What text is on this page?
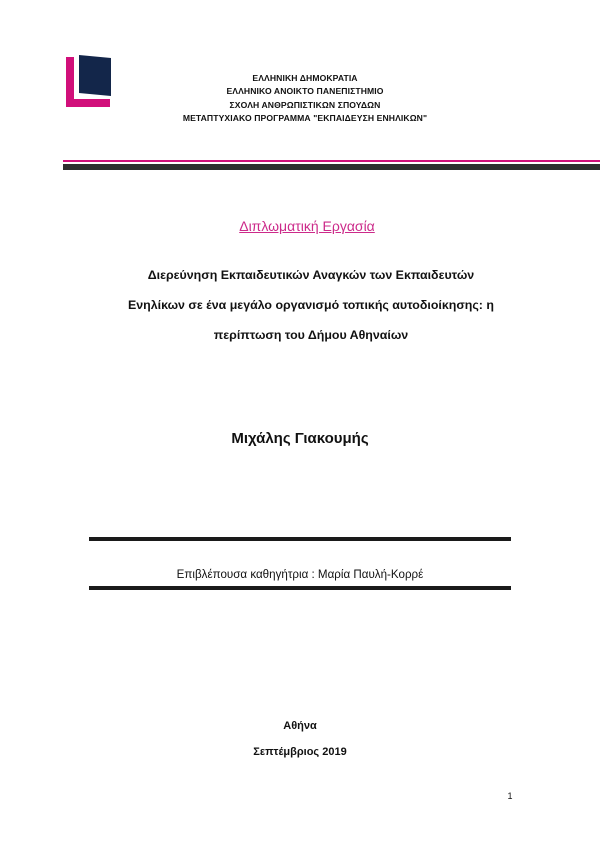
ΕΛΛΗΝΙΚΗ ΔΗΜΟΚΡΑΤΙΑ
ΕΛΛΗΝΙΚΟ ΑΝΟΙΚΤΟ ΠΑΝΕΠΙΣΤΗΜΙΟ
ΣΧΟΛΗ ΑΝΘΡΩΠΙΣΤΙΚΩΝ ΣΠΟΥΔΩΝ
ΜΕΤΑΠΤΥΧΙΑΚΟ ΠΡΟΓΡΑΜΜΑ "ΕΚΠΑΙΔΕΥΣΗ ΕΝΗΛΙΚΩΝ"
Διπλωματική Εργασία
Διερεύνηση Εκπαιδευτικών Αναγκών των Εκπαιδευτών
Ενηλίκων σε ένα μεγάλο οργανισμό τοπικής αυτοδιοίκησης: η
περίπτωση του Δήμου Αθηναίων
Μιχάλης Γιακουμής
Επιβλέπουσα καθηγήτρια : Μαρία Παυλή-Κορρέ
Αθήνα
Σεπτέμβριος 2019
1
